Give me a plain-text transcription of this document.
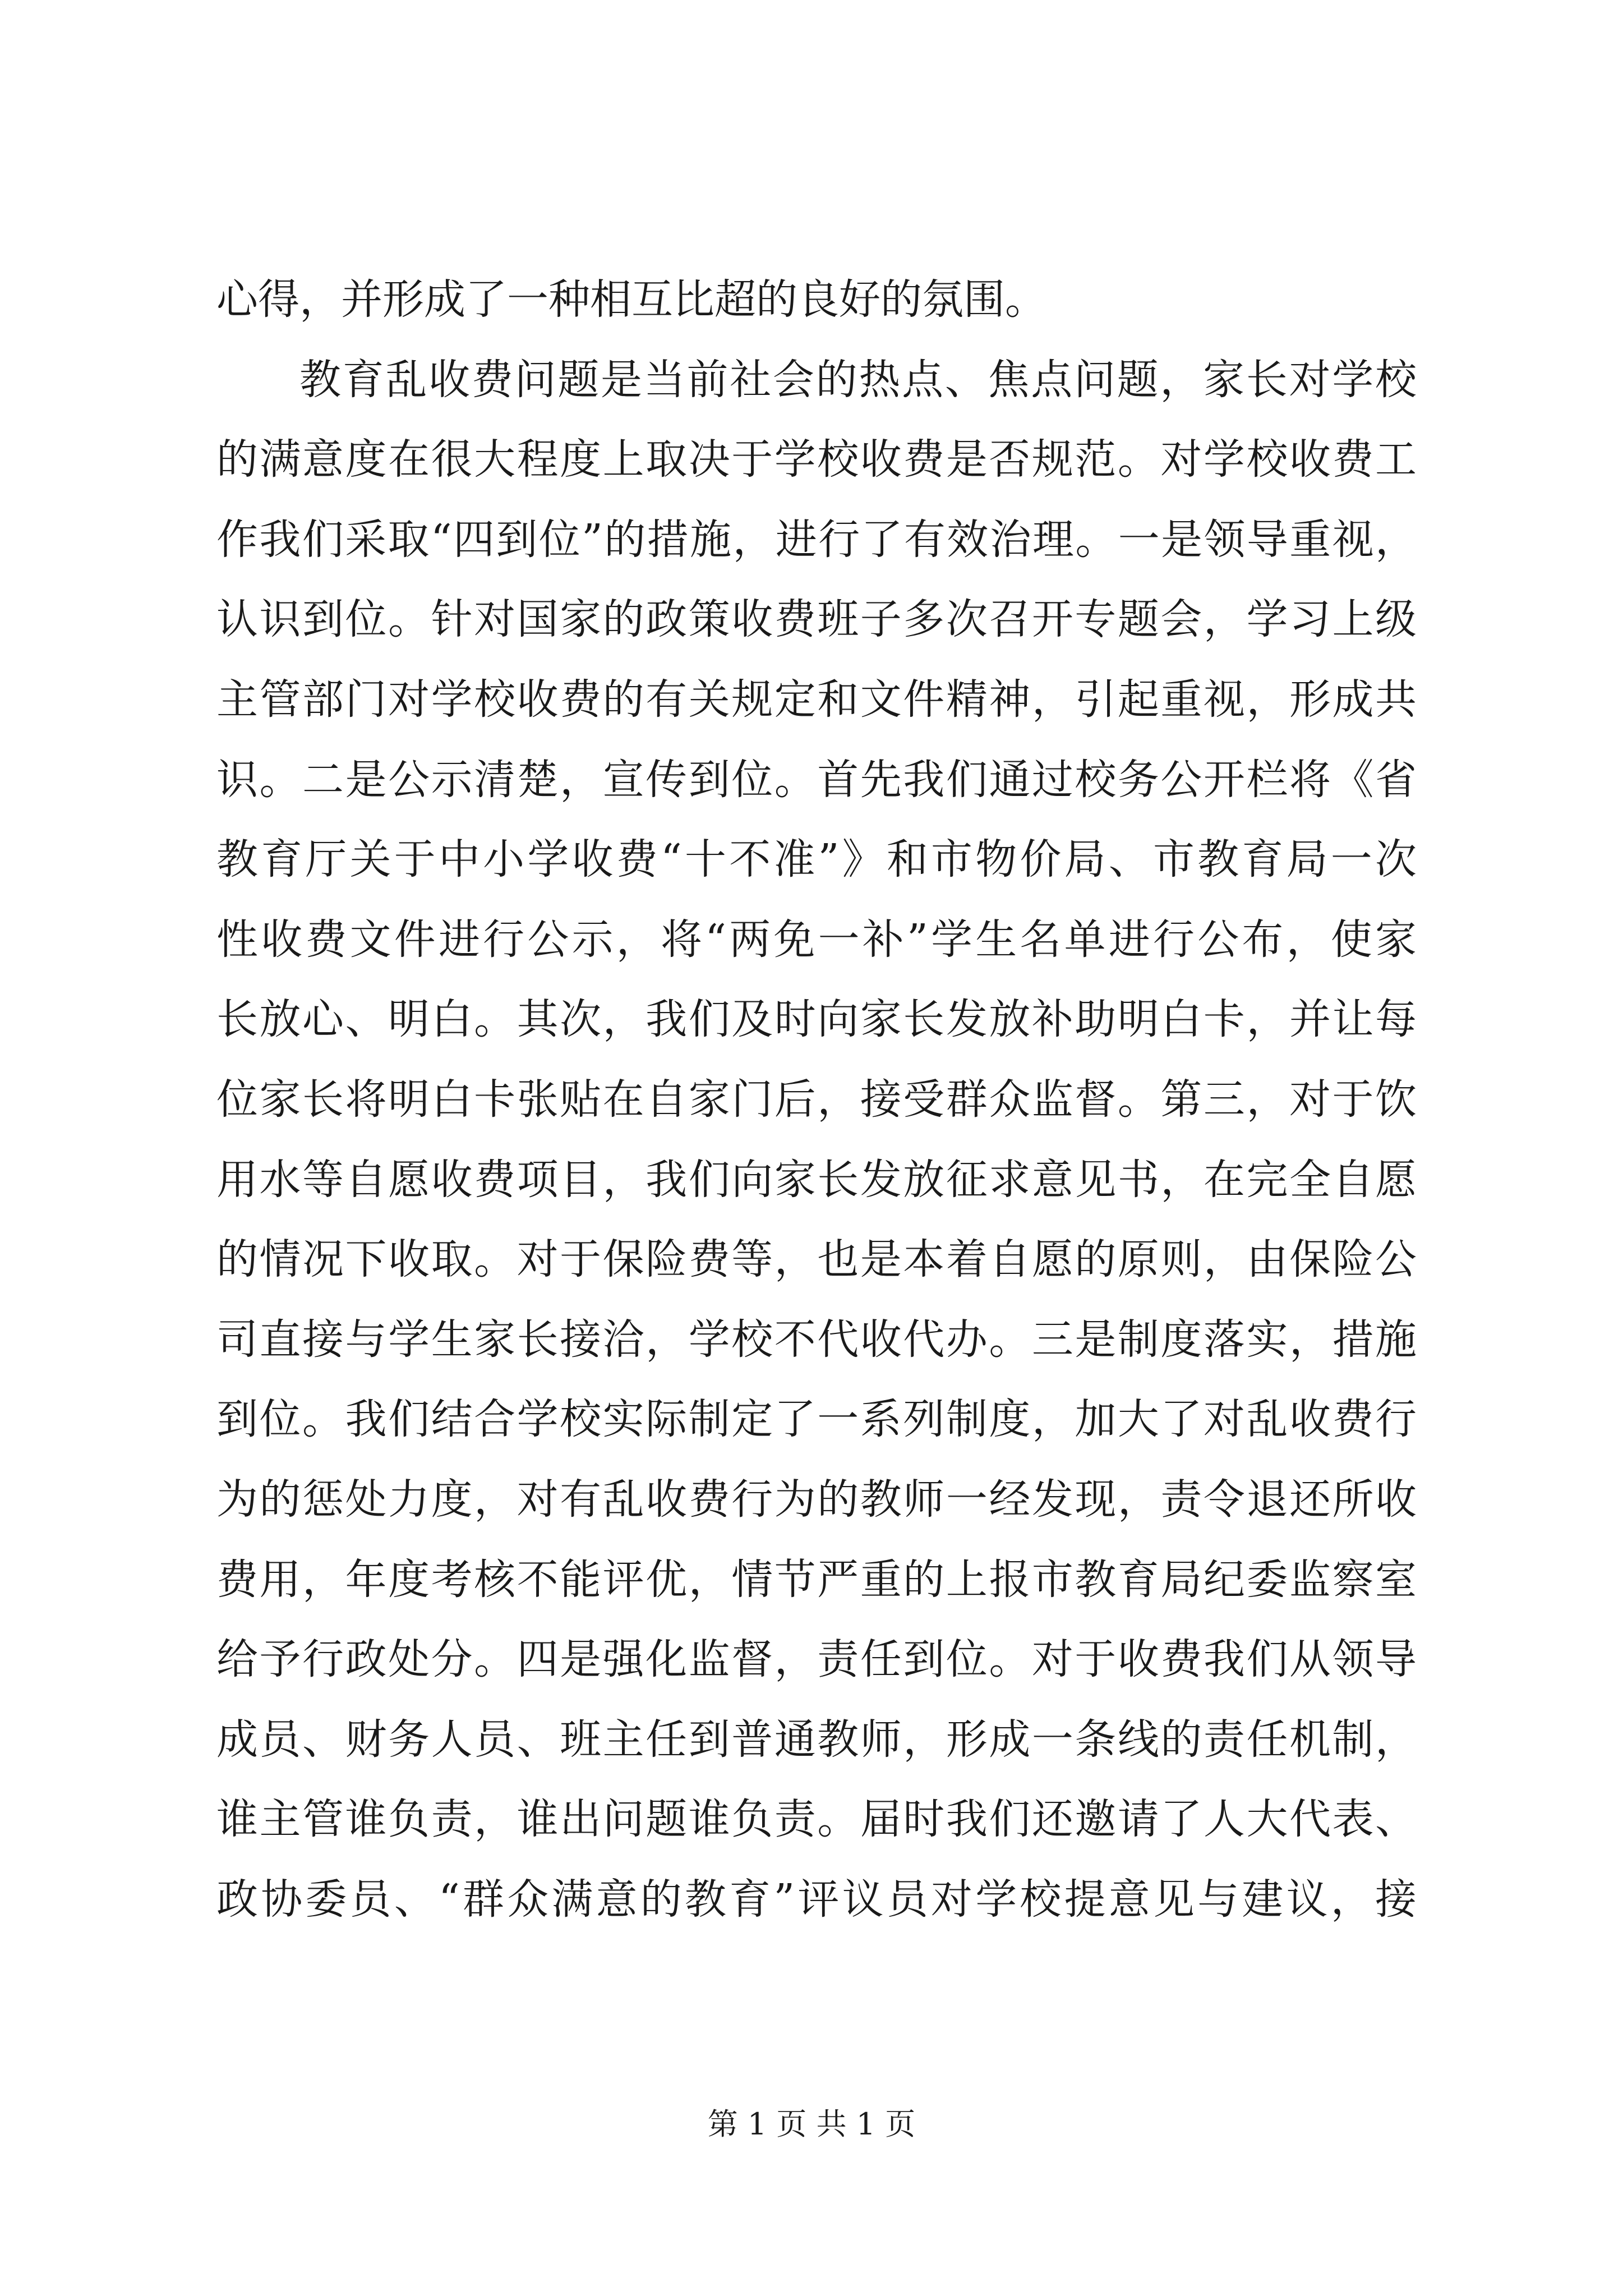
心得，并形成了一种相互比超的良好的氛围。
教育乱收费问题是当前社会的热点、焦点问题，家长对学校
的满意度在很大程度上取决于学校收费是否规范。对学校收费工
作我们采取“四到位”的措施，进行了有效治理。一是领导重视，
认识到位。针对国家的政策收费班子多次召开专题会，学习上级
主管部门对学校收费的有关规定和文件精神，引起重视，形成共
识。二是公示清楚，宣传到位。首先我们通过校务公开栏将《省
教育厅关于中小学收费“十不准”》和市物价局、市教育局一次
性收费文件进行公示，将“两免一补”学生名单进行公布，使家
长放心、明白。其次，我们及时向家长发放补助明白卡，并让每
位家长将明白卡张贴在自家门后，接受群众监督。第三，对于饮
用水等自愿收费项目，我们向家长发放征求意见书，在完全自愿
的情况下收取。对于保险费等，也是本着自愿的原则，由保险公
司直接与学生家长接洽，学校不代收代办。三是制度落实，措施
到位。我们结合学校实际制定了一系列制度，加大了对乱收费行
为的惩处力度，对有乱收费行为的教师一经发现，责令退还所收
费用，年度考核不能评优，情节严重的上报市教育局纪委监察室
给予行政处分。四是强化监督，责任到位。对于收费我们从领导
成员、财务人员、班主任到普通教师，形成一条线的责任机制，
谁主管谁负责，谁出问题谁负责。届时我们还邀请了人大代表、
政协委员、“群众满意的教育”评议员对学校提意见与建议，接

第 1 页 共 1 页
